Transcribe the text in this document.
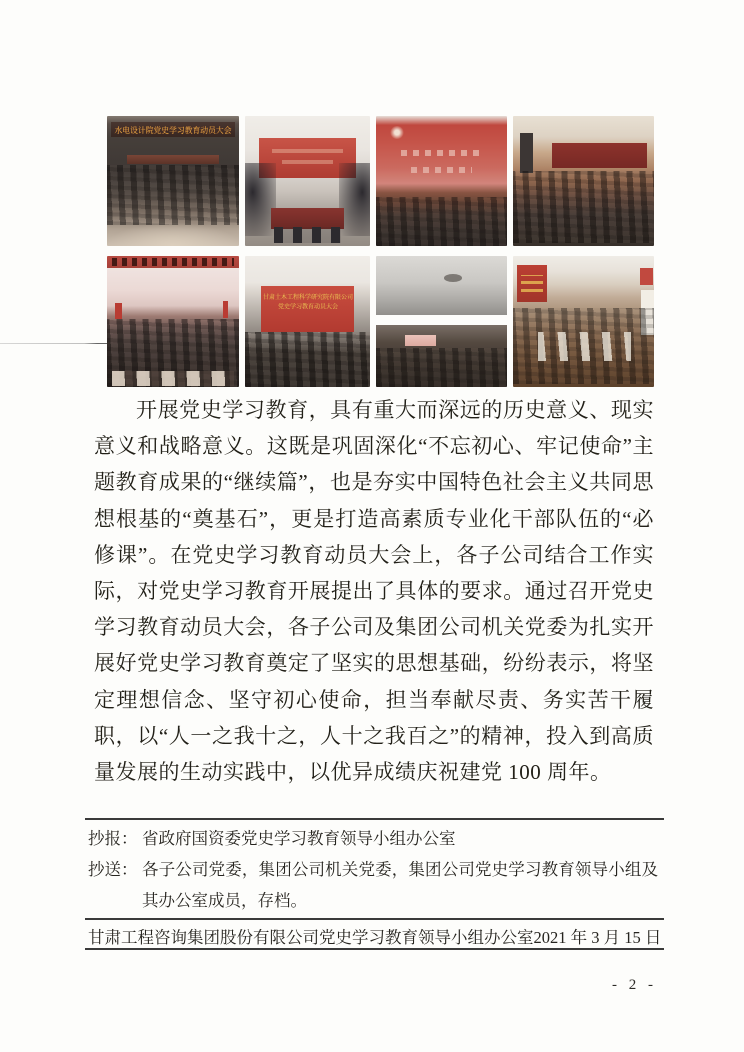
水电设计院党史学习教育动员大会
甘肃土木工程科学研究院有限公司
党史学习教育动员大会

开展党史学习教育，具有重大而深远的历史意义、现实意义和战略意义。这既是巩固深化“不忘初心、牢记使命”主题教育成果的“继续篇”，也是夯实中国特色社会主义共同思想根基的“奠基石”，更是打造高素质专业化干部队伍的“必修课”。在党史学习教育动员大会上，各子公司结合工作实际，对党史学习教育开展提出了具体的要求。通过召开党史学习教育动员大会，各子公司及集团公司机关党委为扎实开展好党史学习教育奠定了坚实的思想基础，纷纷表示，将坚定理想信念、坚守初心使命，担当奉献尽责、务实苦干履职，以“人一之我十之，人十之我百之”的精神，投入到高质量发展的生动实践中，以优异成绩庆祝建党 100 周年。

抄报： 省政府国资委党史学习教育领导小组办公室
抄送： 各子公司党委，集团公司机关党委，集团公司党史学习教育领导小组及其办公室成员，存档。
甘肃工程咨询集团股份有限公司党史学习教育领导小组办公室 2021 年 3 月 15 日
- 2 -
